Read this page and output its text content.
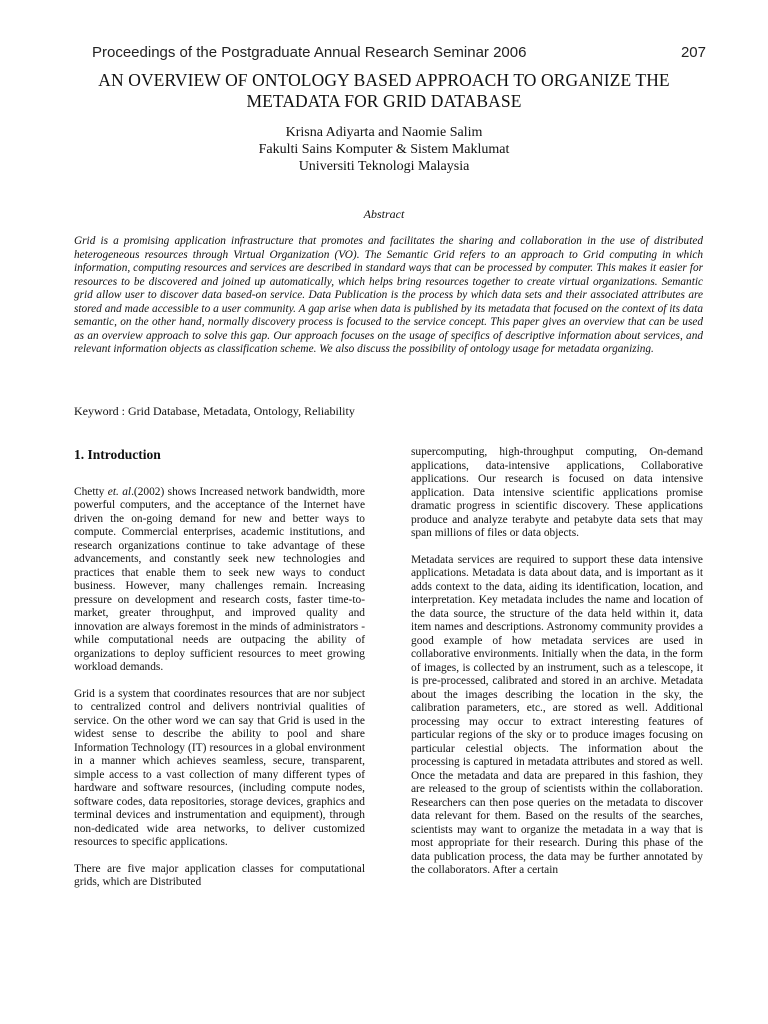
Proceedings of the Postgraduate Annual Research Seminar 2006	207
AN OVERVIEW OF ONTOLOGY BASED APPROACH TO ORGANIZE THE
METADATA FOR GRID DATABASE
Krisna Adiyarta and Naomie Salim
Fakulti Sains Komputer & Sistem Maklumat
Universiti Teknologi Malaysia
Abstract

Grid is a promising application infrastructure that promotes and facilitates the sharing and collaboration in the use of distributed heterogeneous resources through Virtual Organization (VO). The Semantic Grid refers to an approach to Grid computing in which information, computing resources and services are described in standard ways that can be processed by computer. This makes it easier for resources to be discovered and joined up automatically, which helps bring resources together to create virtual organizations. Semantic grid allow user to discover data based-on service. Data Publication is the process by which data sets and their associated attributes are stored and made accessible to a user community. A gap arise when data is published by its metadata that focused on the context of its data semantic, on the other hand, normally discovery process is focused to the service concept. This paper gives an overview that can be used as an overview approach to solve this gap. Our approach focuses on the usage of specifics of descriptive information about services, and relevant information objects as classification scheme. We also discuss the possibility of ontology usage for metadata organizing.

Keyword : Grid Database, Metadata, Ontology, Reliability

1. Introduction

Chetty et. al.(2002) shows Increased network bandwidth, more powerful computers, and the acceptance of the Internet have driven the on-going demand for new and better ways to compute. Commercial enterprises, academic institutions, and research organizations continue to take advantage of these advancements, and constantly seek new technologies and practices that enable them to seek new ways to conduct business. However, many challenges remain. Increasing pressure on development and research costs, faster time-to-market, greater throughput, and improved quality and innovation are always foremost in the minds of administrators - while computational needs are outpacing the ability of organizations to deploy sufficient resources to meet growing workload demands.

Grid is a system that coordinates resources that are nor subject to centralized control and delivers nontrivial qualities of service. On the other word we can say that Grid is used in the widest sense to describe the ability to pool and share Information Technology (IT) resources in a global environment in a manner which achieves seamless, secure, transparent, simple access to a vast collection of many different types of hardware and software resources, (including compute nodes, software codes, data repositories, storage devices, graphics and terminal devices and instrumentation and equipment), through non-dedicated wide area networks, to deliver customized resources to specific applications.

There are five major application classes for computational grids, which are Distributed

supercomputing, high-throughput computing, On-demand applications, data-intensive applications, Collaborative applications. Our research is focused on data intensive application. Data intensive scientific applications promise dramatic progress in scientific discovery. These applications produce and analyze terabyte and petabyte data sets that may span millions of files or data objects.

Metadata services are required to support these data intensive applications. Metadata is data about data, and is important as it adds context to the data, aiding its identification, location, and interpretation. Key metadata includes the name and location of the data source, the structure of the data held within it, data item names and descriptions. Astronomy community provides a good example of how metadata services are used in collaborative environments. Initially when the data, in the form of images, is collected by an instrument, such as a telescope, it is pre-processed, calibrated and stored in an archive. Metadata about the images describing the location in the sky, the calibration parameters, etc., are stored as well. Additional processing may occur to extract interesting features of particular regions of the sky or to produce images focusing on particular celestial objects. The information about the processing is captured in metadata attributes and stored as well. Once the metadata and data are prepared in this fashion, they are released to the group of scientists within the collaboration. Researchers can then pose queries on the metadata to discover data relevant for them. Based on the results of the searches, scientists may want to organize the metadata in a way that is most appropriate for their research. During this phase of the data publication process, the data may be further annotated by the collaborators. After a certain
